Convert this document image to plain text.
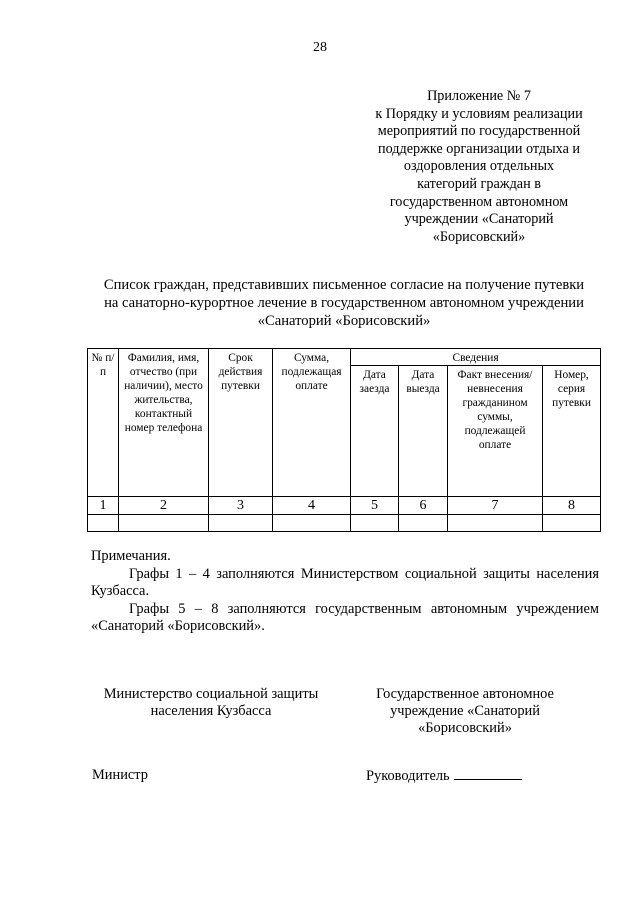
28
Приложение № 7
к Порядку и условиям реализации
мероприятий по государственной
поддержке организации отдыха и
оздоровления отдельных
категорий граждан в
государственном автономном
учреждении «Санаторий
«Борисовский»
Список граждан, представивших письменное согласие на получение путевки
на санаторно-курортное лечение в государственном автономном учреждении
«Санаторий «Борисовский»
№ п/п	Фамилия, имя, отчество (при наличии), место жительства, контактный номер телефона	Срок действия путевки	Сумма, подлежащая оплате	Сведения			
				Дата заезда	Дата выезда	Факт внесения/ невнесения гражданином суммы, подлежащей оплате	Номер, серия путевки
1	2	3	4	5	6	7	8

Примечания.

Графы 1 – 4 заполняются Министерством социальной защиты населения Кузбасса.

Графы 5 – 8 заполняются государственным автономным учреждением «Санаторий «Борисовский».

Министерство социальной защиты
населения Кузбасса
Государственное автономное
учреждение «Санаторий
«Борисовский»
Министр	Руководитель
